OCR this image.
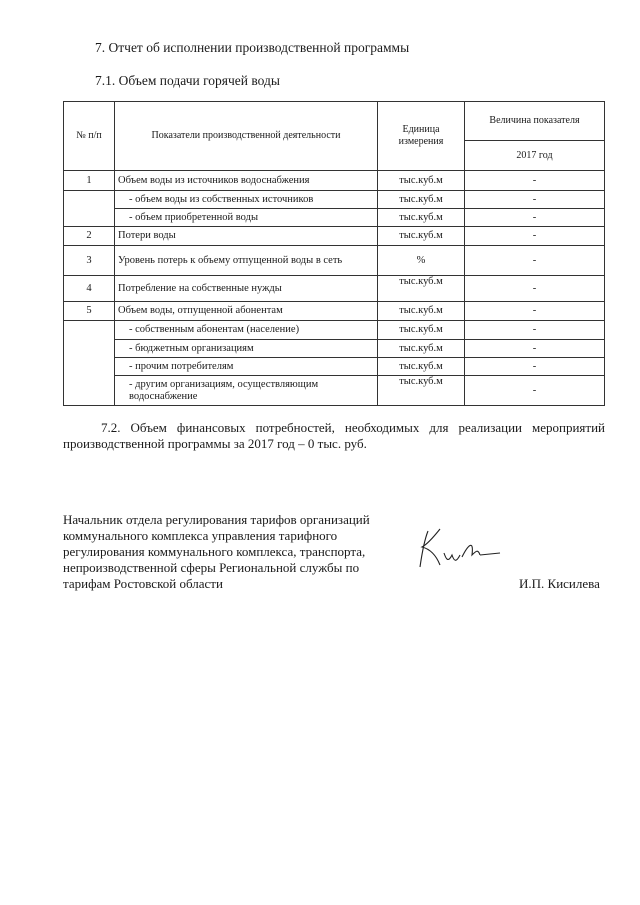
7. Отчет об исполнении производственной программы
7.1. Объем подачи горячей воды
№ п/п	Показатели производственной деятельности	Единица измерения	Величина показателя
			2017 год
1	Объем воды из источников водоснабжения	тыс.куб.м	-
	- объем воды из собственных источников	тыс.куб.м	-
	- объем приобретенной воды	тыс.куб.м	-
2	Потери воды	тыс.куб.м	-
3	Уровень потерь к объему отпущенной воды в сеть	%	-
4	Потребление на собственные нужды	тыс.куб.м	-
5	Объем воды, отпущенной абонентам	тыс.куб.м	-
	- собственным абонентам (население)	тыс.куб.м	-
	- бюджетным организациям	тыс.куб.м	-
	- прочим потребителям	тыс.куб.м	-
	- другим организациям, осуществляющим водоснабжение	тыс.куб.м	-
7.2. Объем финансовых потребностей, необходимых для реализации мероприятий производственной программы за 2017 год – 0 тыс. руб.
Начальник отдела регулирования тарифов организаций коммунального комплекса управления тарифного регулирования коммунального комплекса, транспорта, непроизводственной сферы Региональной службы по тарифам Ростовской области	И.П. Кисилева
